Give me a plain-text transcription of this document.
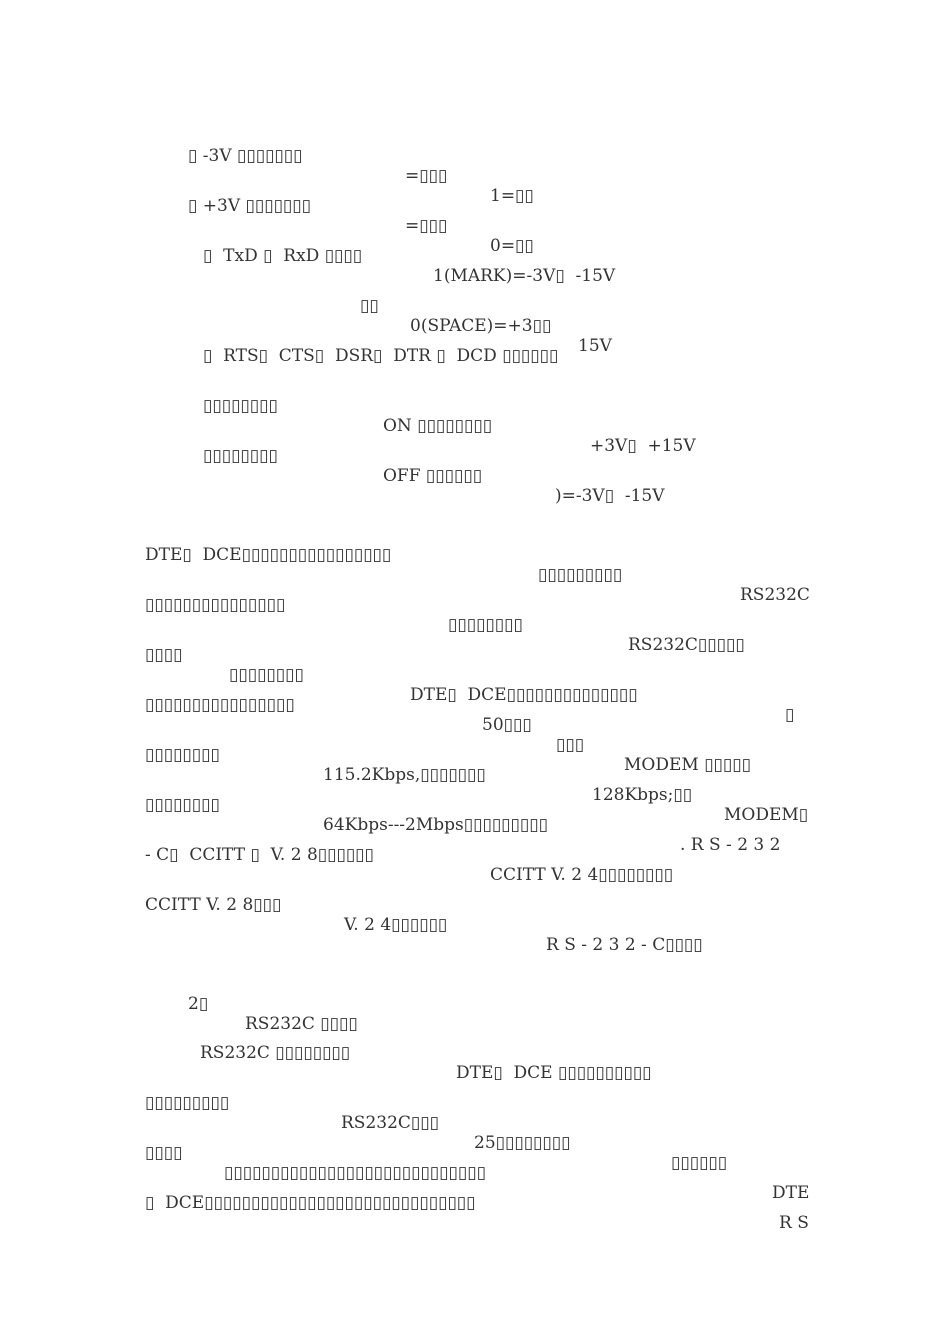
▯ -3V ▯▯▯▯▯▯▯

=▯▯▯

1=▯▯

▯ +3V ▯▯▯▯▯▯▯

=▯▯▯

0=▯▯

▯  TxD ▯  RxD ▯▯▯▯

1(MARK)=-3V▯  -15V

▯▯

0(SPACE)=+3▯▯

15V

▯  RTS▯  CTS▯  DSR▯  DTR ▯  DCD ▯▯▯▯▯▯

▯▯▯▯▯▯▯▯

ON ▯▯▯▯▯▯▯▯

+3V▯  +15V

▯▯▯▯▯▯▯▯

OFF ▯▯▯▯▯▯

)=-3V▯  -15V

DTE▯  DCE▯▯▯▯▯▯▯▯▯▯▯▯▯▯▯▯

▯▯▯▯▯▯▯▯▯

RS232C

▯▯▯▯▯▯▯▯▯▯▯▯▯▯▯

▯▯▯▯▯▯▯▯

RS232C▯▯▯▯▯

▯▯▯▯

▯▯▯▯▯▯▯▯

DTE▯  DCE▯▯▯▯▯▯▯▯▯▯▯▯▯▯

▯

▯▯▯▯▯▯▯▯▯▯▯▯▯▯▯▯

50▯▯▯

▯▯▯

MODEM ▯▯▯▯▯

▯▯▯▯▯▯▯▯

115.2Kbps,▯▯▯▯▯▯▯

128Kbps;▯▯

MODEM▯

▯▯▯▯▯▯▯▯

64Kbps---2Mbps▯▯▯▯▯▯▯▯▯

. R S - 2 3 2

- C▯  CCITT ▯  V. 2 8▯▯▯▯▯▯

CCITT V. 2 4▯▯▯▯▯▯▯▯

CCITT V. 2 8▯▯▯

V. 2 4▯▯▯▯▯▯

R S - 2 3 2 - C▯▯▯▯

2▯

RS232C ▯▯▯▯

RS232C ▯▯▯▯▯▯▯▯

DTE▯  DCE ▯▯▯▯▯▯▯▯▯▯

▯▯▯▯▯▯▯▯▯

RS232C▯▯▯

25▯▯▯▯▯▯▯▯

▯▯▯▯▯▯

▯▯▯▯

▯▯▯▯▯▯▯▯▯▯▯▯▯▯▯▯▯▯▯▯▯▯▯▯▯▯▯▯

DTE

▯  DCE▯▯▯▯▯▯▯▯▯▯▯▯▯▯▯▯▯▯▯▯▯▯▯▯▯▯▯▯▯

R S
